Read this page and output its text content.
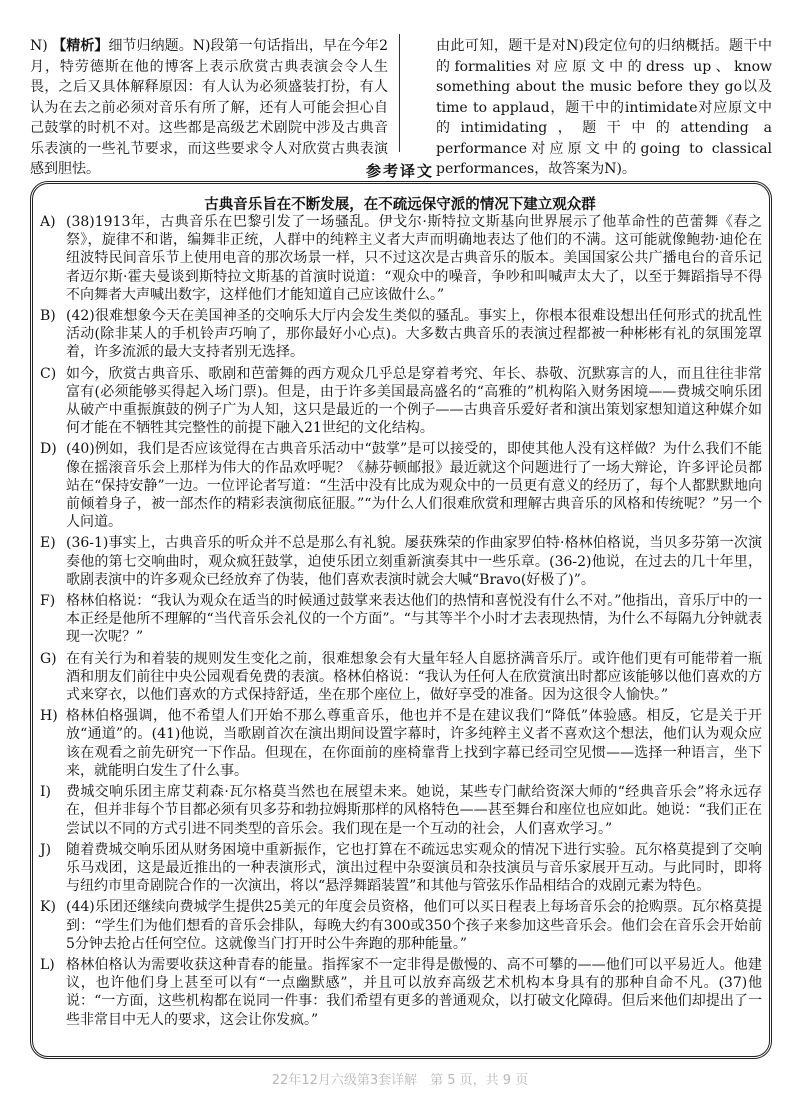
N) 【精析】细节归纳题。N)段第一句话指出，早在今年2月，特劳德斯在他的博客上表示欣赏古典表演会令人生畏，之后又具体解释原因：有人认为必须盛装打扮，有人认为在去之前必须对音乐有所了解，还有人可能会担心自己鼓掌的时机不对。这些都是高级艺术剧院中涉及古典音乐表演的一些礼节要求，而这些要求令人对欣赏古典表演感到胆怯。
由此可知，题干是对N)段定位句的归纳概括。题干中的formalities对应原文中的dress up、know something about the music before they go以及time to applaud，题干中的intimidate对应原文中的intimidating，题干中的attending a performance对应原文中的going to classical performances，故答案为N)。
参考译文
古典音乐旨在不断发展，在不疏远保守派的情况下建立观众群
A) (38)1913年，古典音乐在巴黎引发了一场骚乱。伊戈尔·斯特拉文斯基向世界展示了他革命性的芭蕾舞《春之祭》，旋律不和谐，编舞非正统，人群中的纯粹主义者大声而明确地表达了他们的不满。这可能就像鲍勃·迪伦在纽波特民间音乐节上使用电音的那次场景一样，只不过这次是古典音乐的版本。美国国家公共广播电台的音乐记者迈尔斯·霍夫曼谈到斯特拉文斯基的首演时说道：“观众中的噪音，争吵和叫喊声太大了，以至于舞蹈指导不得不向舞者大声喊出数字，这样他们才能知道自己应该做什么。”
B) (42)很难想象今天在美国神圣的交响乐大厅内会发生类似的骚乱。事实上，你根本很难设想出任何形式的扰乱性活动(除非某人的手机铃声巧响了，那你最好小心点)。大多数古典音乐的表演过程都被一种彬彬有礼的氛围笼罩着，许多流派的最大支持者别无选择。
C) 如今，欣赏古典音乐、歌剧和芭蕾舞的西方观众几乎总是穿着考究、年长、恭敬、沉默寡言的人，而且往往非常富有(必须能够买得起入场门票)。但是，由于许多美国最高盛名的“高雅的”机构陷入财务困境——费城交响乐团从破产中重振旗鼓的例子广为人知，这只是最近的一个例子——古典音乐爱好者和演出策划家想知道这种媒介如何才能在不牺牲其完整性的前提下融入21世纪的文化结构。
D) (40)例如，我们是否应该觉得在古典音乐活动中“鼓掌”是可以接受的，即使其他人没有这样做？为什么我们不能像在摇滚音乐会上那样为伟大的作品欢呼呢？《赫芬顿邮报》最近就这个问题进行了一场大辩论，许多评论员都站在“保持安静”一边。一位评论者写道：“生活中没有比成为观众中的一员更有意义的经历了，每个人都默默地向前倾着身子，被一部杰作的精彩表演彻底征服。”“为什么人们很难欣赏和理解古典音乐的风格和传统呢？”另一个人问道。
E) (36-1)事实上，古典音乐的听众并不总是那么有礼貌。屡获殊荣的作曲家罗伯特·格林伯格说，当贝多芬第一次演奏他的第七交响曲时，观众疯狂鼓掌，迫使乐团立刻重新演奏其中一些乐章。(36-2)他说，在过去的几十年里，歌剧表演中的许多观众已经放弃了伪装，他们喜欢表演时就会大喊“Bravo(好极了)”。
F) 格林伯格说：“我认为观众在适当的时候通过鼓掌来表达他们的热情和喜悦没有什么不对。”他指出，音乐厅中的一本正经是他所不理解的“当代音乐会礼仪的一个方面”。“与其等半个小时才去表现热情，为什么不每隔九分钟就表现一次呢？”
G) 在有关行为和着装的规则发生变化之前，很难想象会有大量年轻人自愿挤满音乐厅。或许他们更有可能带着一瓶酒和朋友们前往中央公园观看免费的表演。格林伯格说：“我认为任何人在欣赏演出时都应该能够以他们喜欢的方式来穿衣，以他们喜欢的方式保持舒适，坐在那个座位上，做好享受的准备。因为这很令人愉快。”
H) 格林伯格强调，他不希望人们开始不那么尊重音乐，他也并不是在建议我们“降低”体验感。相反，它是关于开放“通道”的。(41)他说，当歌剧首次在演出期间设置字幕时，许多纯粹主义者不喜欢这个想法，他们认为观众应该在观看之前先研究一下作品。但现在，在你面前的座椅靠背上找到字幕已经司空见惯——选择一种语言，坐下来，就能明白发生了什么事。
I)	费城交响乐团主席艾莉森·瓦尔格莫当然也在展望未来。她说，某些专门献给资深大师的“经典音乐会”将永远存在，但并非每个节目都必须有贝多芬和勃拉姆斯那样的风格特色——甚至舞台和座位也应如此。她说：“我们正在尝试以不同的方式引进不同类型的音乐会。我们现在是一个互动的社会，人们喜欢学习。”
J)	随着费城交响乐团从财务困境中重新振作，它也打算在不疏远忠实观众的情况下进行实验。瓦尔格莫提到了交响乐马戏团，这是最近推出的一种表演形式，演出过程中杂耍演员和杂技演员与音乐家展开互动。与此同时，即将与纽约市里奇剧院合作的一次演出，将以“悬浮舞蹈装置”和其他与管弦乐作品相结合的戏剧元素为特色。
K) (44)乐团还继续向费城学生提供25美元的年度会员资格，他们可以买日程表上每场音乐会的抢购票。瓦尔格莫提到：“学生们为他们想看的音乐会排队，每晚大约有300或350个孩子来参加这些音乐会。他们会在音乐会开始前5分钟去抢占任何空位。这就像当门打开时公牛奔跑的那种能量。”
L) 格林伯格认为需要收获这种青春的能量。指挥家不一定非得是傲慢的、高不可攀的——他们可以平易近人。他建议，也许他们身上甚至可以有“一点幽默感”，并且可以放弃高级艺术机构本身具有的那种自命不凡。(37)他说：“一方面，这些机构都在说同一件事：我们希望有更多的普通观众，以打破文化障碍。但后来他们却提出了一些非常目中无人的要求，这会让你发疯。”
22年12月六级第3套详解　第 5 页，共 9 页
